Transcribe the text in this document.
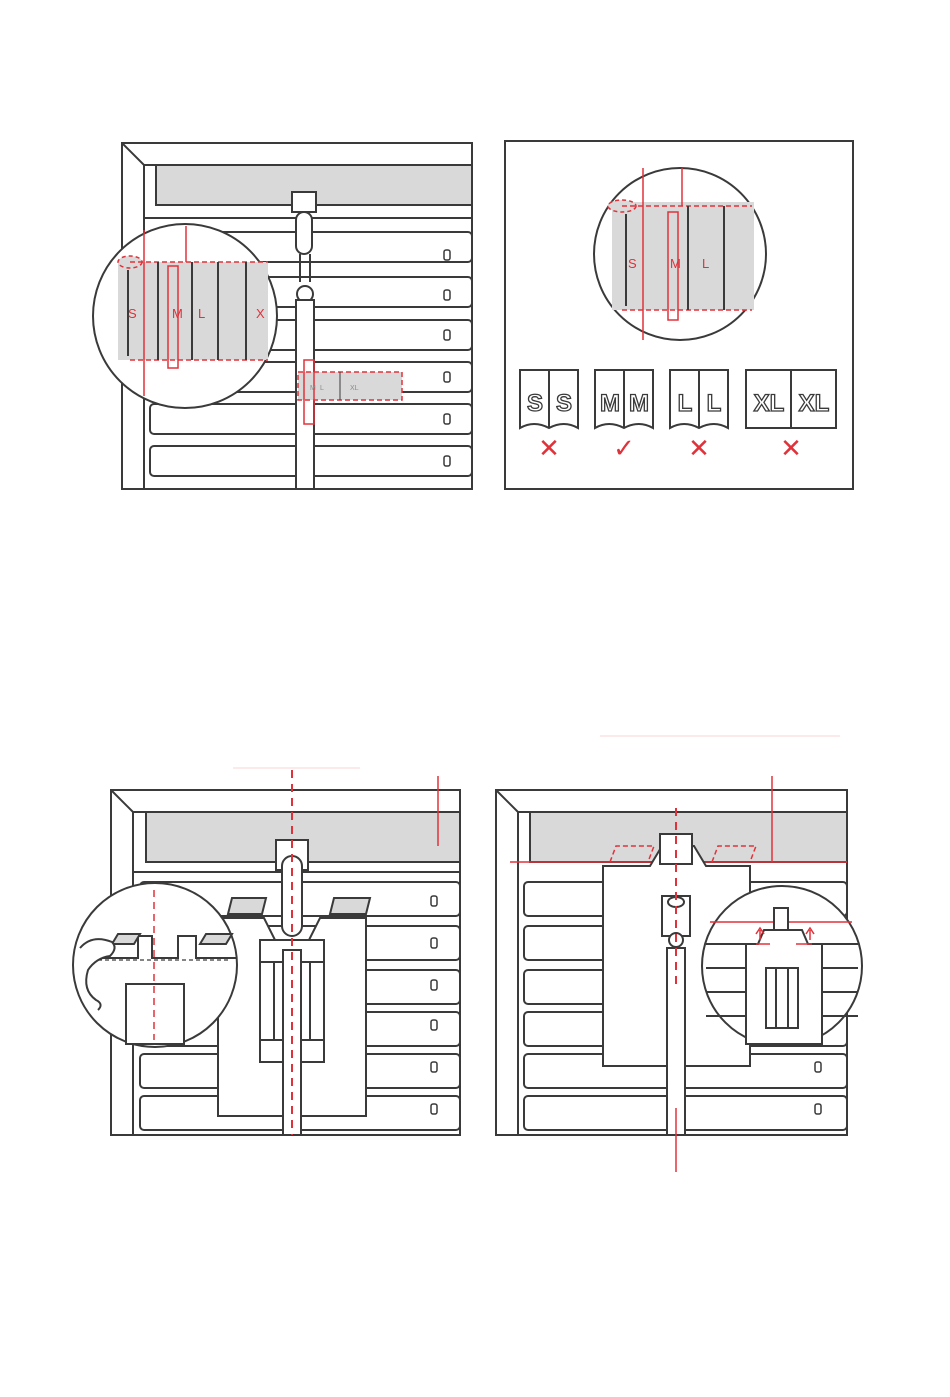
M L	XL
S	M L	X
S	M L
S S M M L L XL XL
✕ ✓ ✕	✕
